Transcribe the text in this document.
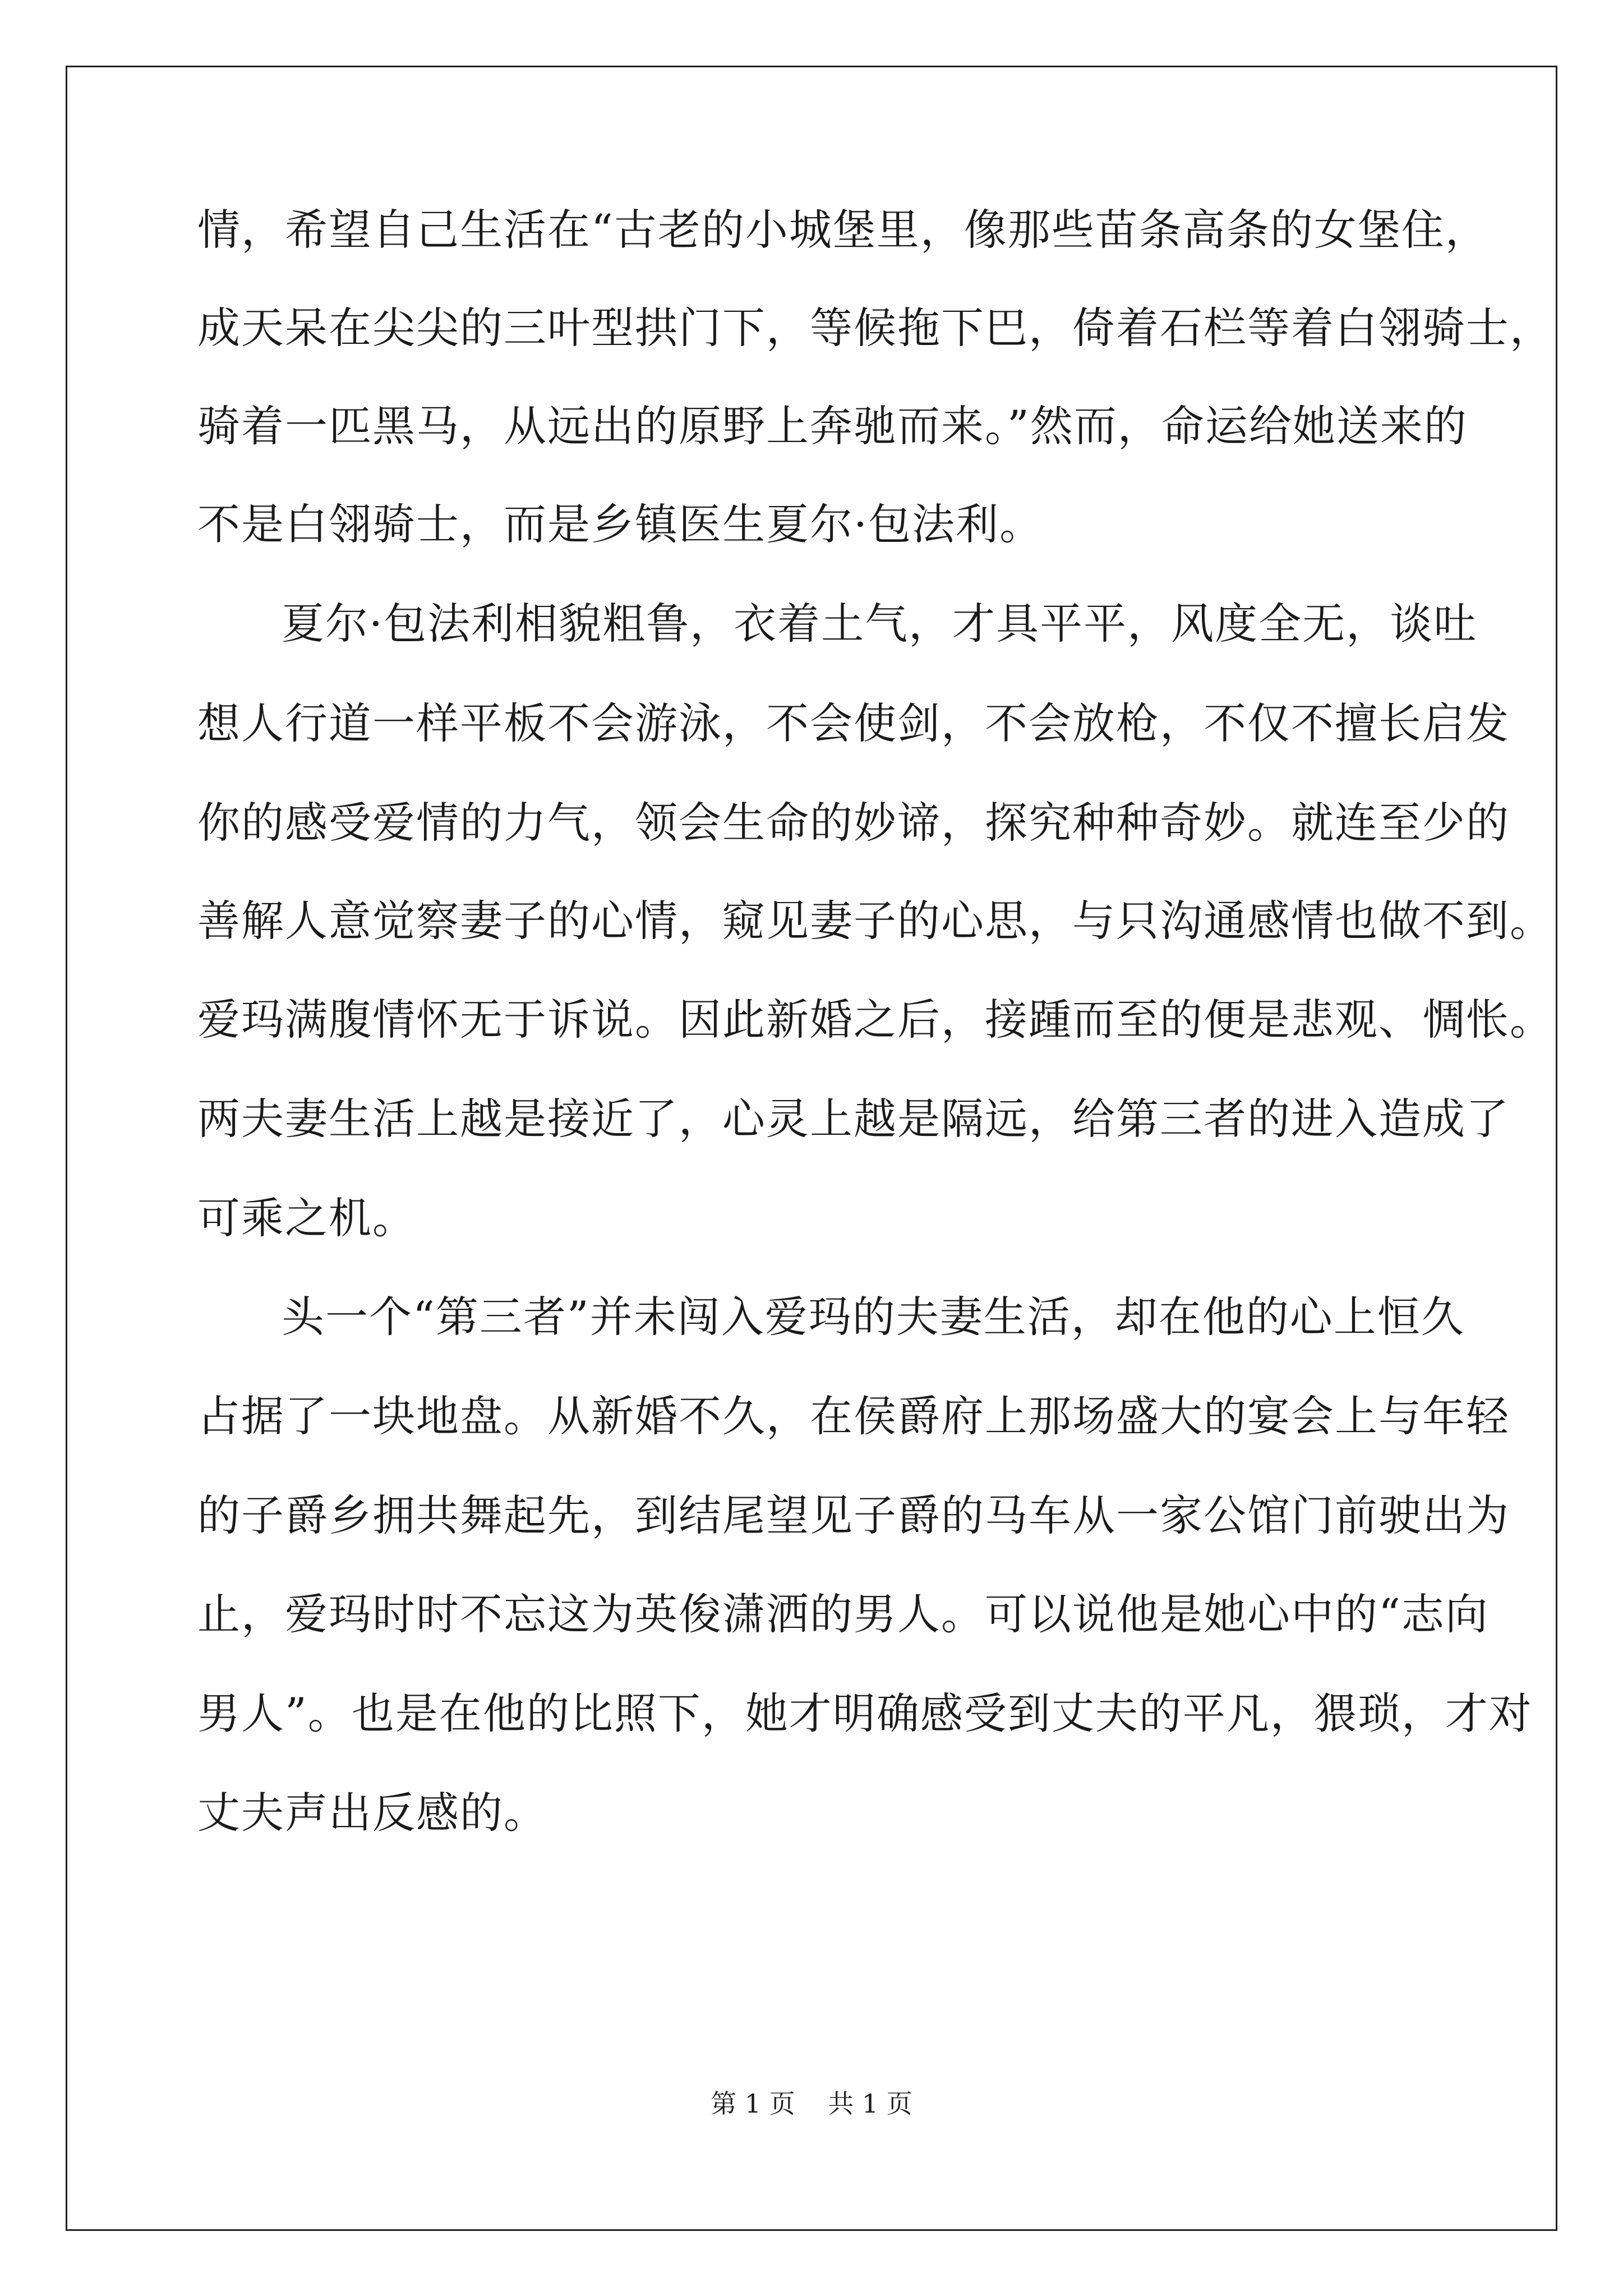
情，希望自己生活在“古老的小城堡里，像那些苗条高条的女堡住，
成天呆在尖尖的三叶型拱门下，等候拖下巴，倚着石栏等着白翎骑士，
骑着一匹黑马，从远出的原野上奔驰而来。”然而，命运给她送来的
不是白翎骑士，而是乡镇医生夏尔·包法利。
夏尔·包法利相貌粗鲁，衣着土气，才具平平，风度全无，谈吐
想人行道一样平板不会游泳，不会使剑，不会放枪，不仅不擅长启发
你的感受爱情的力气，领会生命的妙谛，探究种种奇妙。就连至少的
善解人意觉察妻子的心情，窥见妻子的心思，与只沟通感情也做不到。
爱玛满腹情怀无于诉说。因此新婚之后，接踵而至的便是悲观、惆怅。
两夫妻生活上越是接近了，心灵上越是隔远，给第三者的进入造成了
可乘之机。
头一个“第三者”并未闯入爱玛的夫妻生活，却在他的心上恒久
占据了一块地盘。从新婚不久，在侯爵府上那场盛大的宴会上与年轻
的子爵乡拥共舞起先，到结尾望见子爵的马车从一家公馆门前驶出为
止，爱玛时时不忘这为英俊潇洒的男人。可以说他是她心中的“志向
男人”。也是在他的比照下，她才明确感受到丈夫的平凡，猥琐，才对
丈夫声出反感的。
第 1 页    共 1 页
